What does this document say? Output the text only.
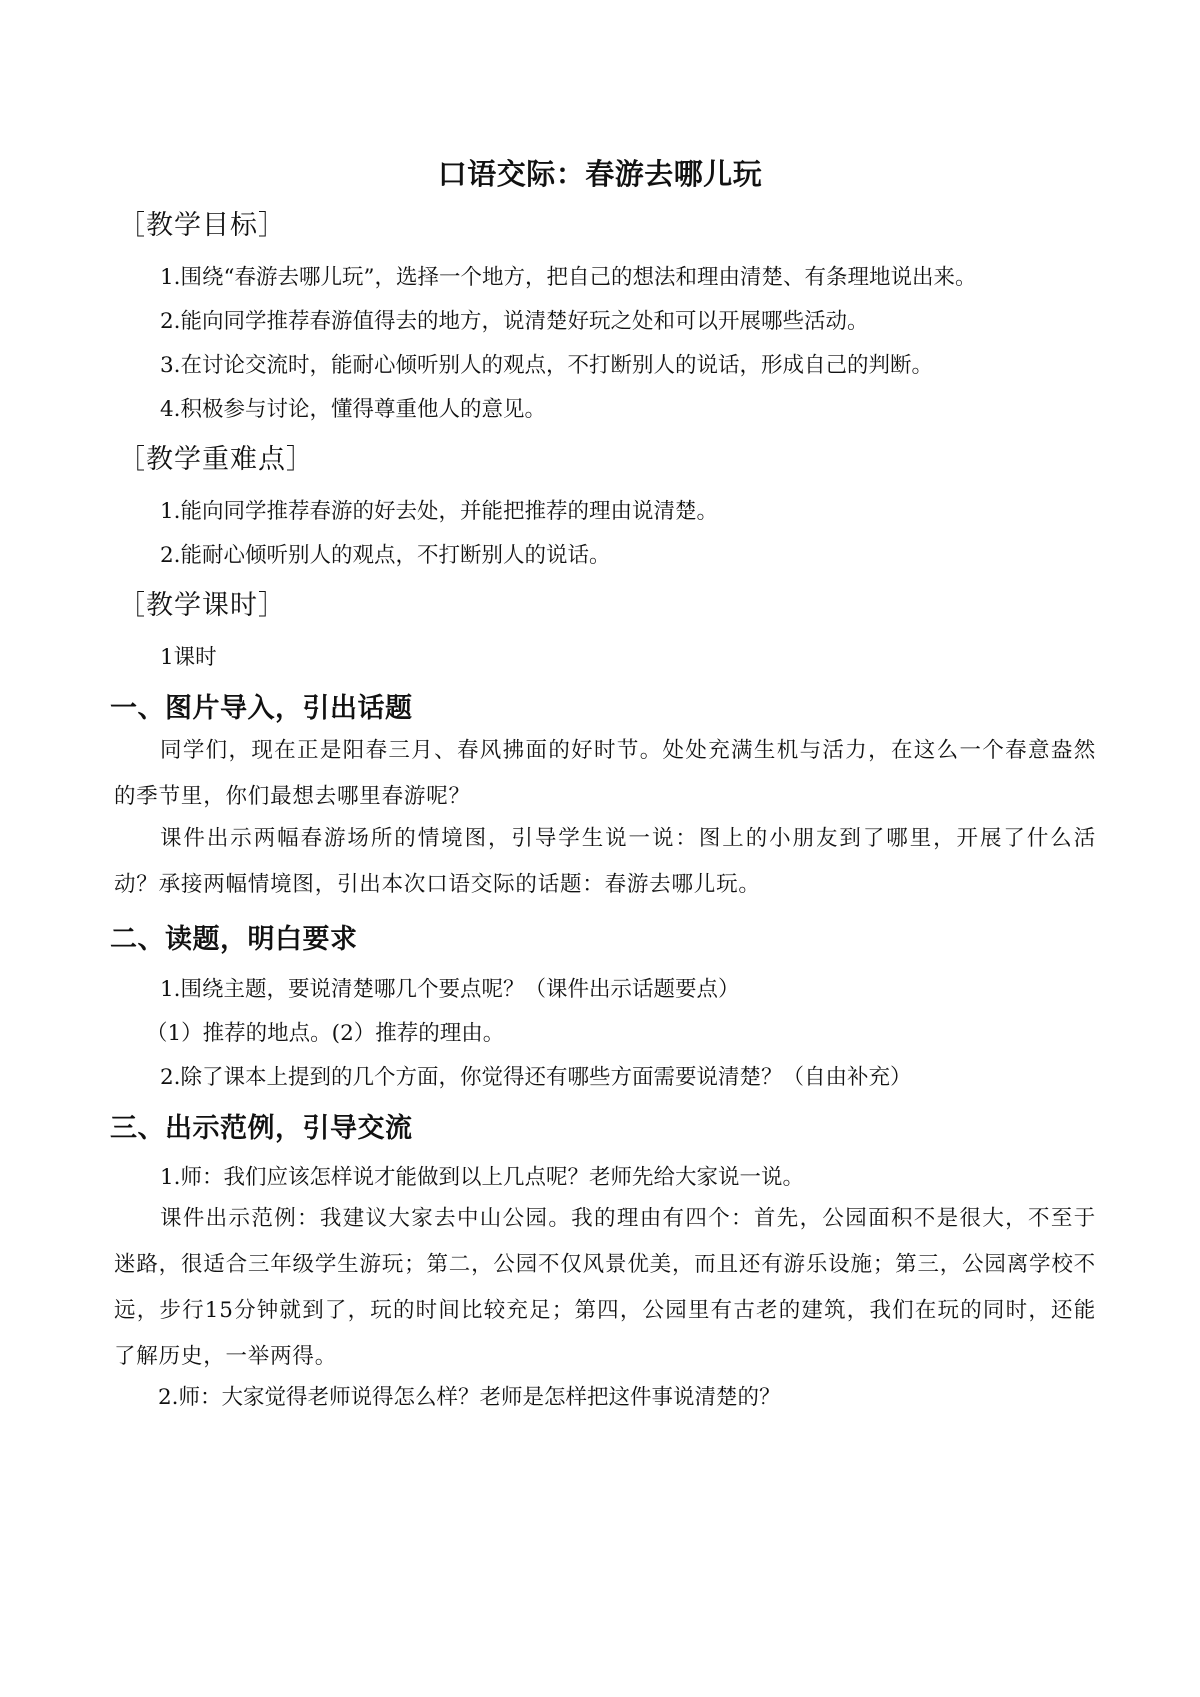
口语交际：春游去哪儿玩
［教学目标］
1.围绕“春游去哪儿玩”，选择一个地方，把自己的想法和理由清楚、有条理地说出来。
2.能向同学推荐春游值得去的地方，说清楚好玩之处和可以开展哪些活动。
3.在讨论交流时，能耐心倾听别人的观点，不打断别人的说话，形成自己的判断。
4.积极参与讨论，懂得尊重他人的意见。
［教学重难点］
1.能向同学推荐春游的好去处，并能把推荐的理由说清楚。
2.能耐心倾听别人的观点，不打断别人的说话。
［教学课时］
1课时
一、图片导入，引出话题
同学们，现在正是阳春三月、春风拂面的好时节。处处充满生机与活力，在这么一个春意盎然的季节里，你们最想去哪里春游呢？
课件出示两幅春游场所的情境图，引导学生说一说：图上的小朋友到了哪里，开展了什么活动？承接两幅情境图，引出本次口语交际的话题：春游去哪儿玩。
二、读题，明白要求
1.围绕主题，要说清楚哪几个要点呢？（课件出示话题要点）
（1）推荐的地点。(2）推荐的理由。
2.除了课本上提到的几个方面，你觉得还有哪些方面需要说清楚？（自由补充）
三、出示范例，引导交流
1.师：我们应该怎样说才能做到以上几点呢？老师先给大家说一说。
课件出示范例：我建议大家去中山公园。我的理由有四个：首先，公园面积不是很大，不至于迷路，很适合三年级学生游玩；第二，公园不仅风景优美，而且还有游乐设施；第三，公园离学校不远，步行15分钟就到了，玩的时间比较充足；第四，公园里有古老的建筑，我们在玩的同时，还能了解历史，一举两得。
2.师：大家觉得老师说得怎么样？老师是怎样把这件事说清楚的？
